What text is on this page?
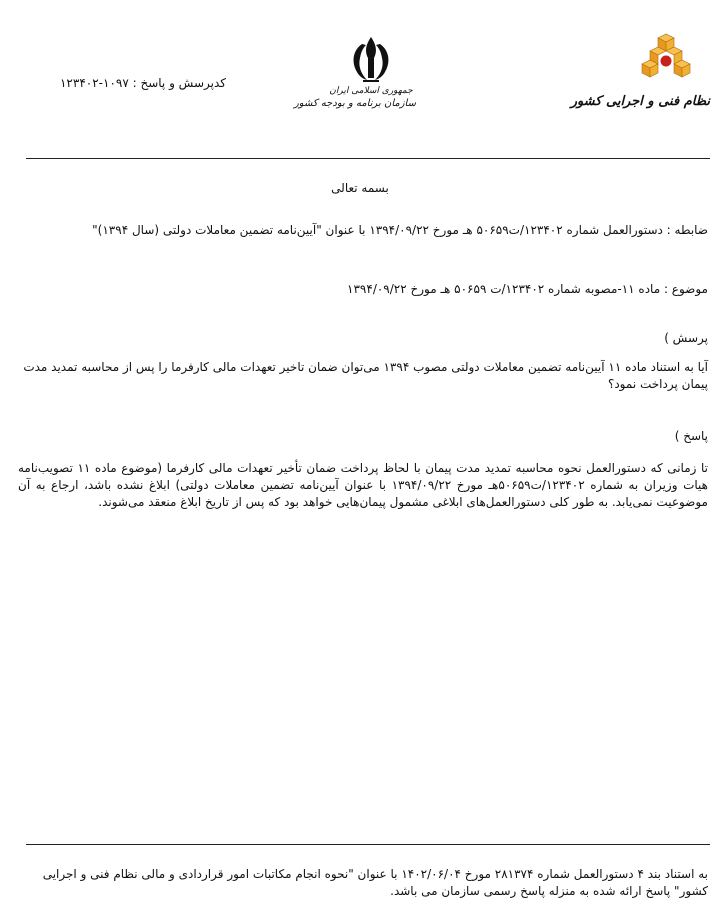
نظام فنی و اجرایی کشور
جمهوری اسلامی ایران
سازمان برنامه و بودجه کشور
کدپرسش و پاسخ : ۱۰۹۷-۱۲۳۴۰۲
بسمه تعالی
ضابطه : دستورالعمل شماره ۱۲۳۴۰۲/ت۵۰۶۵۹ هـ مورخ ۱۳۹۴/۰۹/۲۲ با عنوان "آیین‌نامه تضمین معاملات دولتی (سال ۱۳۹۴)"
موضوع : ماده ۱۱-مصوبه شماره ۱۲۳۴۰۲/ت ۵۰۶۵۹ هـ مورخ ۱۳۹۴/۰۹/۲۲
پرسش )
آیا به استناد ماده ۱۱ آیین‌نامه تضمین معاملات دولتی مصوب ۱۳۹۴ می‌توان ضمان تاخیر تعهدات مالی کارفرما را پس از محاسبه تمدید مدت پیمان پرداخت نمود؟
پاسخ )
تا زمانی که دستورالعمل نحوه محاسبه تمدید مدت پیمان با لحاظ پرداخت ضمان تأخیر تعهدات مالی کارفرما (موضوع ماده ۱۱ تصویب‌نامه هیات وزیران به شماره ۱۲۳۴۰۲/ت۵۰۶۵۹هـ مورخ ۱۳۹۴/۰۹/۲۲ با عنوان آیین‌نامه تضمین معاملات دولتی) ابلاغ نشده باشد، ارجاع به آن موضوعیت نمی‌یابد. به طور کلی دستورالعمل‌های ابلاغی مشمول پیمان‌هایی خواهد بود که پس از تاریخ ابلاغ منعقد می‌شوند.
به استناد بند ۴ دستورالعمل شماره ۲۸۱۳۷۴ مورخ ۱۴۰۲/۰۶/۰۴ با عنوان "نحوه انجام مکاتبات امور قراردادی و مالی نظام فنی و اجرایی کشور" پاسخ ارائه شده به منزله پاسخ رسمی سازمان می باشد.
